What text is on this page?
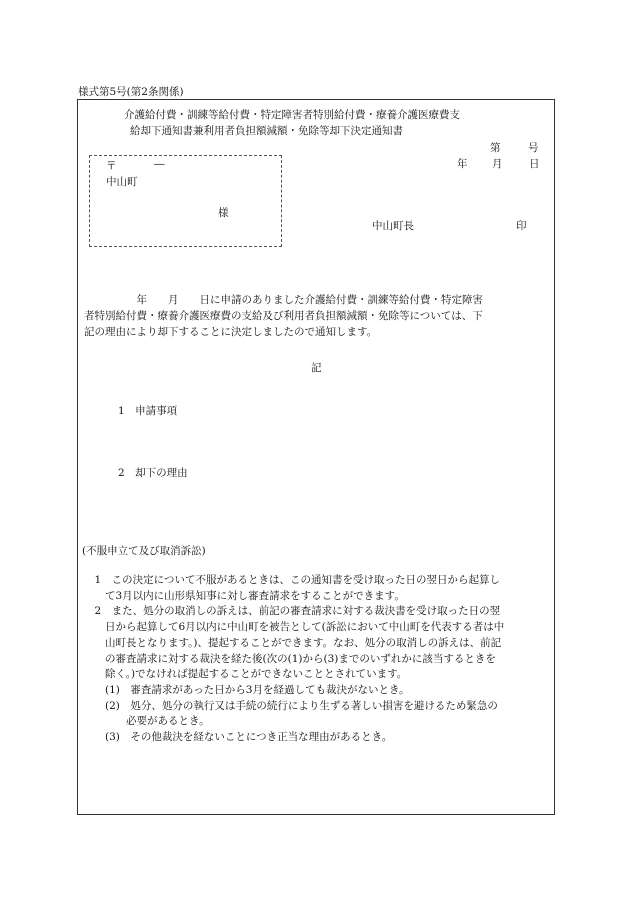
様式第5号(第2条関係)
介護給付費・訓練等給付費・特定障害者特別給付費・療養介護医療費支
給却下通知書兼利用者負担額減額・免除等却下決定通知書
第	号
年 月	日
〒	―
中山町
様
中山町長	印

　　　　　年　　月　　日に申請のありました介護給付費・訓練等給付費・特定障害

者特別給付費・療養介護医療費の支給及び利用者負担額減額・免除等については、下

記の理由により却下することに決定しましたので通知します。

記
1　申請事項
2　却下の理由
(不服申立て及び取消訴訟)

　1　この決定について不服があるときは、この通知書を受け取った日の翌日から起算し

　　て3月以内に山形県知事に対し審査請求をすることができます。

　2　また、処分の取消しの訴えは、前記の審査請求に対する裁決書を受け取った日の翌

　　日から起算して6月以内に中山町を被告として(訴訟において中山町を代表する者は中

　　山町長となります。)、提起することができます。なお、処分の取消しの訴えは、前記

　　の審査請求に対する裁決を経た後(次の(1)から(3)までのいずれかに該当するときを

　　除く。)でなければ提起することができないこととされています。

　　(1)　審査請求があった日から3月を経過しても裁決がないとき。

　　(2)　処分、処分の執行又は手続の続行により生ずる著しい損害を避けるため緊急の

　　　　必要があるとき。

　　(3)　その他裁決を経ないことにつき正当な理由があるとき。
